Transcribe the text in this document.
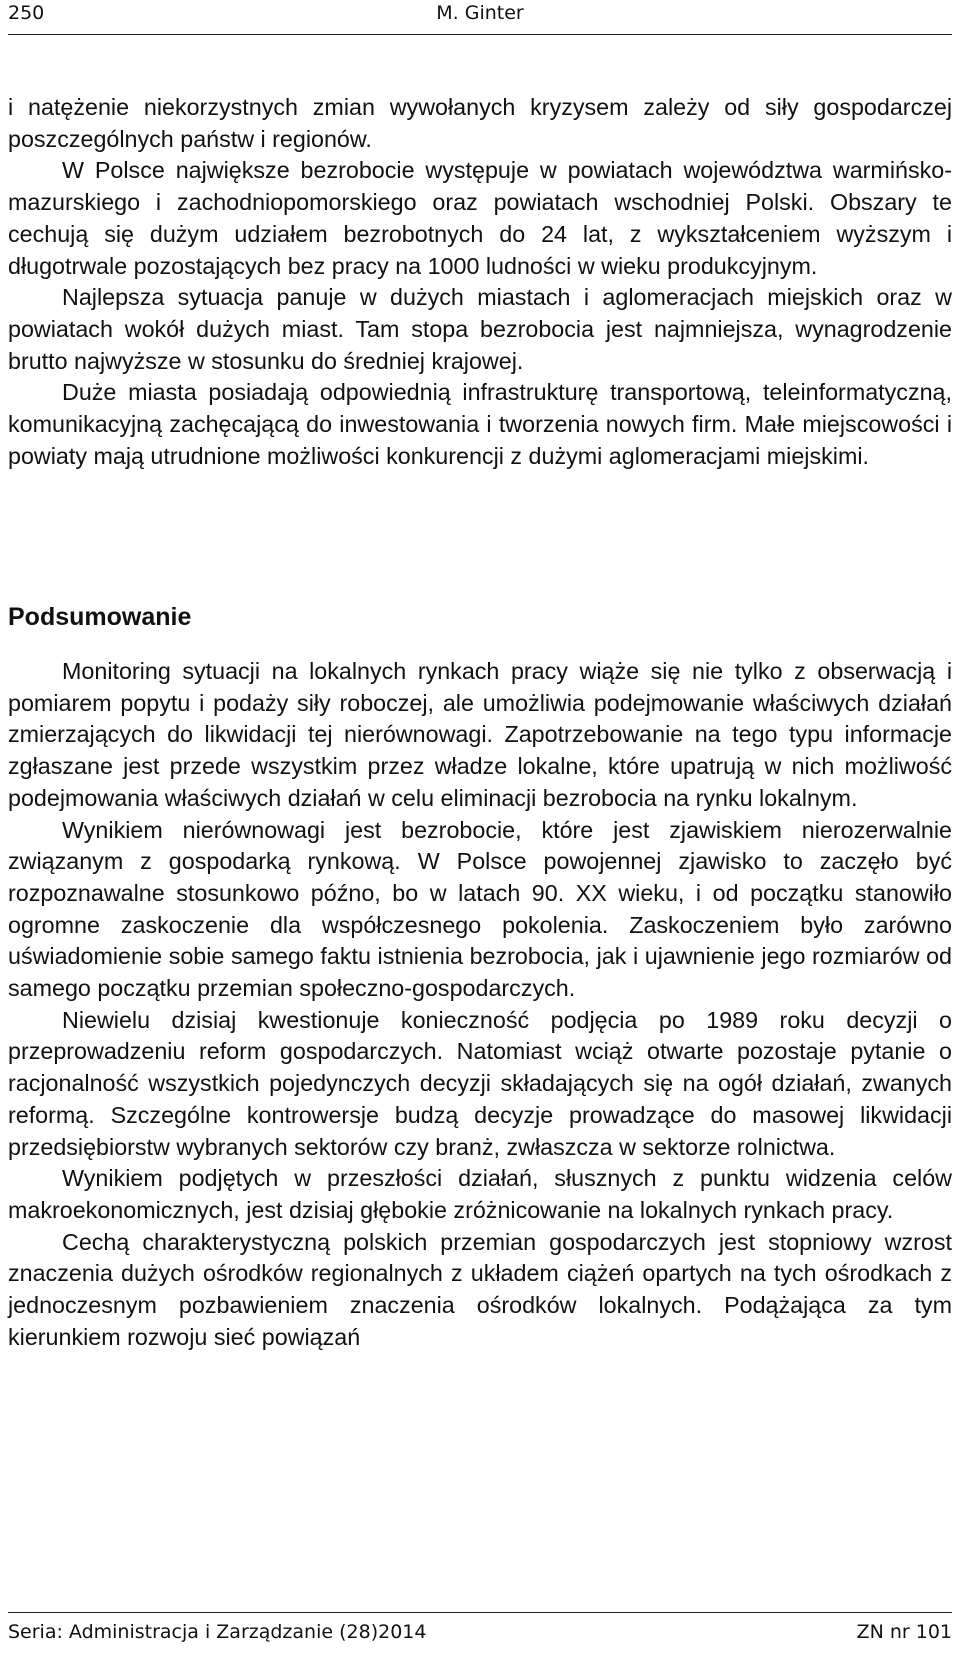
250	M. Ginter

i natężenie niekorzystnych zmian wywołanych kryzysem zależy od siły gospodarczej poszczególnych państw i regionów.

W Polsce największe bezrobocie występuje w powiatach województwa warmińsko-mazurskiego i zachodniopomorskiego oraz powiatach wschodniej Polski. Obszary te cechują się dużym udziałem bezrobotnych do 24 lat, z wykształceniem wyższym i długotrwale pozostających bez pracy na 1000 ludności w wieku produkcyjnym.

Najlepsza sytuacja panuje w dużych miastach i aglomeracjach miejskich oraz w powiatach wokół dużych miast. Tam stopa bezrobocia jest najmniejsza, wynagrodzenie brutto najwyższe w stosunku do średniej krajowej.

Duże miasta posiadają odpowiednią infrastrukturę transportową, teleinformatyczną, komunikacyjną zachęcającą do inwestowania i tworzenia nowych firm. Małe miejscowości i powiaty mają utrudnione możliwości konkurencji z dużymi aglomeracjami miejskimi.

Podsumowanie

Monitoring sytuacji na lokalnych rynkach pracy wiąże się nie tylko z obserwacją i pomiarem popytu i podaży siły roboczej, ale umożliwia podejmowanie właściwych działań zmierzających do likwidacji tej nierównowagi. Zapotrzebowanie na tego typu informacje zgłaszane jest przede wszystkim przez władze lokalne, które upatrują w nich możliwość podejmowania właściwych działań w celu eliminacji bezrobocia na rynku lokalnym.

Wynikiem nierównowagi jest bezrobocie, które jest zjawiskiem nierozerwalnie związanym z gospodarką rynkową. W Polsce powojennej zjawisko to zaczęło być rozpoznawalne stosunkowo późno, bo w latach 90. XX wieku, i od początku stanowiło ogromne zaskoczenie dla współczesnego pokolenia. Zaskoczeniem było zarówno uświadomienie sobie samego faktu istnienia bezrobocia, jak i ujawnienie jego rozmiarów od samego początku przemian społeczno-gospodarczych.

Niewielu dzisiaj kwestionuje konieczność podjęcia po 1989 roku decyzji o przeprowadzeniu reform gospodarczych. Natomiast wciąż otwarte pozostaje pytanie o racjonalność wszystkich pojedynczych decyzji składających się na ogół działań, zwanych reformą. Szczególne kontrowersje budzą decyzje prowadzące do masowej likwidacji przedsiębiorstw wybranych sektorów czy branż, zwłaszcza w sektorze rolnictwa.

Wynikiem podjętych w przeszłości działań, słusznych z punktu widzenia celów makroekonomicznych, jest dzisiaj głębokie zróżnicowanie na lokalnych rynkach pracy.

Cechą charakterystyczną polskich przemian gospodarczych jest stopniowy wzrost znaczenia dużych ośrodków regionalnych z układem ciążeń opartych na tych ośrodkach z jednoczesnym pozbawieniem znaczenia ośrodków lokalnych. Podążająca za tym kierunkiem rozwoju sieć powiązań

Seria: Administracja i Zarządzanie (28)2014	ZN nr 101
